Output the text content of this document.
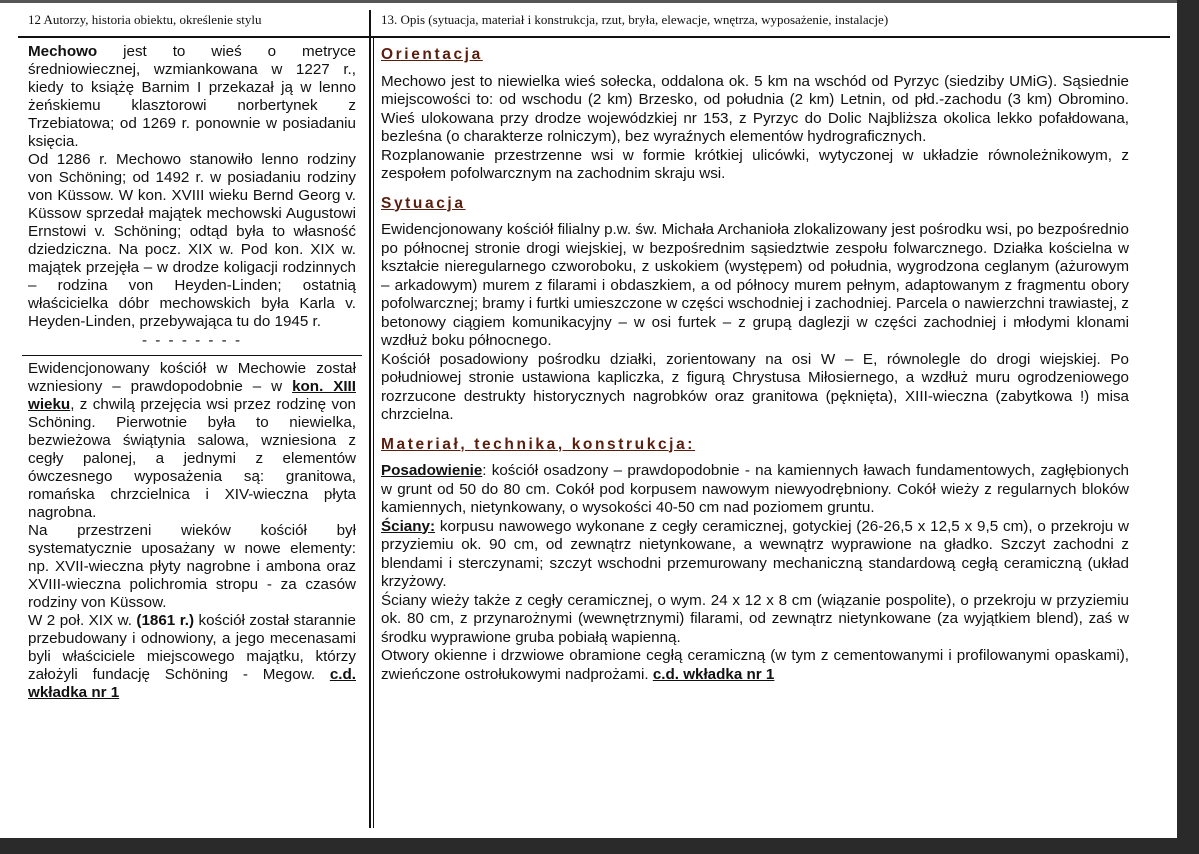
12 Autorzy, historia obiektu, określenie stylu	13. Opis (sytuacja, materiał i konstrukcja, rzut, bryła, elewacje, wnętrza, wyposażenie, instalacje)

Mechowo jest to wieś o metryce średniowiecznej, wzmiankowana w 1227 r., kiedy to książę Barnim I przekazał ją w lenno żeńskiemu klasztorowi norbertynek z Trzebiatowa; od 1269 r. ponownie w posiadaniu księcia.

Od 1286 r. Mechowo stanowiło lenno rodziny von Schöning; od 1492 r. w posiadaniu rodziny von Küssow. W kon. XVIII wieku Bernd Georg v. Küssow sprzedał majątek mechowski Augustowi Ernstowi v. Schöning; odtąd była to własność dziedziczna. Na pocz. XIX w. Pod kon. XIX w. majątek przejęła – w drodze koligacji rodzinnych – rodzina von Heyden-Linden; ostatnią właścicielka dóbr mechowskich była Karla v. Heyden-Linden, przebywająca tu do 1945 r.

- - - - - - - -

Ewidencjonowany kościół w Mechowie został wzniesiony – prawdopodobnie – w kon. XIII wieku, z chwilą przejęcia wsi przez rodzinę von Schöning. Pierwotnie była to niewielka, bezwieżowa świątynia salowa, wzniesiona z cegły palonej, a jednymi z elementów ówczesnego wyposażenia są: granitowa, romańska chrzcielnica i XIV-wieczna płyta nagrobna.

Na przestrzeni wieków kościół był systematycznie uposażany w nowe elementy: np. XVII-wieczna płyty nagrobne i ambona oraz XVIII-wieczna polichromia stropu - za czasów rodziny von Küssow.

W 2 poł. XIX w. (1861 r.) kościół został starannie przebudowany i odnowiony, a jego mecenasami byli właściciele miejscowego majątku, którzy założyli fundację Schöning - Megow. c.d. wkładka nr 1

Orientacja

Mechowo jest to niewielka wieś sołecka, oddalona ok. 5 km na wschód od Pyrzyc (siedziby UMiG). Sąsiednie miejscowości to: od wschodu (2 km) Brzesko, od południa (2 km) Letnin, od płd.-zachodu (3 km) Obromino. Wieś ulokowana przy drodze wojewódzkiej nr 153, z Pyrzyc do Dolic Najbliższa okolica lekko pofałdowana, bezleśna (o charakterze rolniczym), bez wyraźnych elementów hydrograficznych.

Rozplanowanie przestrzenne wsi w formie krótkiej ulicówki, wytyczonej w układzie równoleżnikowym, z zespołem pofolwarcznym na zachodnim skraju wsi.

Sytuacja

Ewidencjonowany kościół filialny p.w. św. Michała Archanioła zlokalizowany jest pośrodku wsi, po bezpośrednio po północnej stronie drogi wiejskiej, w bezpośrednim sąsiedztwie zespołu folwarcznego. Działka kościelna w kształcie nieregularnego czworoboku, z uskokiem (występem) od południa, wygrodzona ceglanym (ażurowym – arkadowym) murem z filarami i obdaszkiem, a od północy murem pełnym, adaptowanym z fragmentu obory pofolwarcznej; bramy i furtki umieszczone w części wschodniej i zachodniej. Parcela o nawierzchni trawiastej, z betonowy ciągiem komunikacyjny – w osi furtek – z grupą daglezji w części zachodniej i młodymi klonami wzdłuż boku północnego.

Kościół posadowiony pośrodku działki, zorientowany na osi W – E, równolegle do drogi wiejskiej. Po południowej stronie ustawiona kapliczka, z figurą Chrystusa Miłosiernego, a wzdłuż muru ogrodzeniowego rozrzucone destrukty historycznych nagrobków oraz granitowa (pęknięta), XIII-wieczna (zabytkowa !) misa chrzcielna.

Materiał, technika, konstrukcja:

Posadowienie: kościół osadzony – prawdopodobnie - na kamiennych ławach fundamentowych, zagłębionych w grunt od 50 do 80 cm. Cokół pod korpusem nawowym niewyodrębniony. Cokół wieży z regularnych bloków kamiennych, nietynkowany, o wysokości 40-50 cm nad poziomem gruntu.

Ściany: korpusu nawowego wykonane z cegły ceramicznej, gotyckiej (26-26,5 x 12,5 x 9,5 cm), o przekroju w przyziemiu ok. 90 cm, od zewnątrz nietynkowane, a wewnątrz wyprawione na gładko. Szczyt zachodni z blendami i sterczynami; szczyt wschodni przemurowany mechaniczną standardową cegłą ceramiczną (układ krzyżowy.

Ściany wieży także z cegły ceramicznej, o wym. 24 x 12 x 8 cm (wiązanie pospolite), o przekroju w przyziemiu ok. 80 cm, z przynarożnymi (wewnętrznymi) filarami, od zewnątrz nietynkowane (za wyjątkiem blend), zaś w środku wyprawione gruba pobiałą wapienną.

Otwory okienne i drzwiowe obramione cegłą ceramiczną (w tym z cementowanymi i profilowanymi opaskami), zwieńczone ostrołukowymi nadprożami. c.d. wkładka nr 1
